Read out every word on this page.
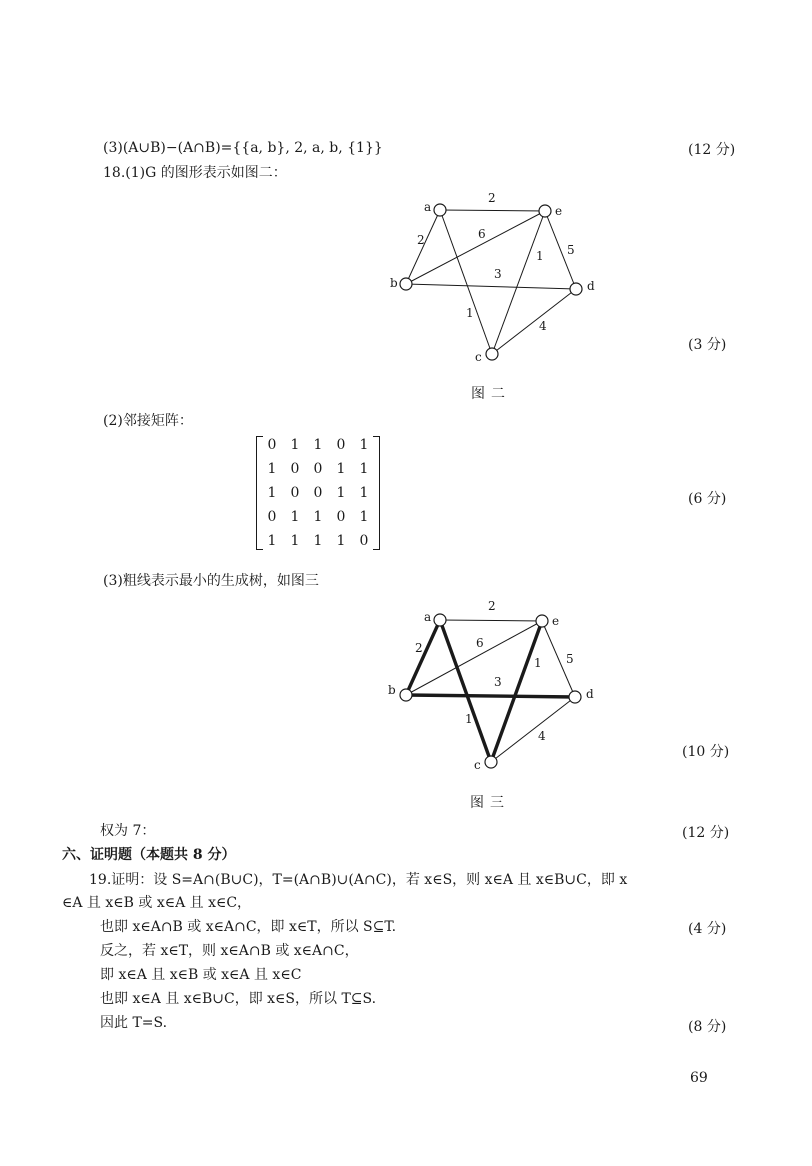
(3)(A∪B)−(A∩B)={{a, b}, 2, a, b, {1}}	(12 分)
18.(1)G 的图形表示如图二：
a	e
b	d
c
2
2	6
1 5
3
1
4
(3 分)
图二
(2)邻接矩阵：
0	1	1	0	1
1	0	0	1	1
1	0	0	1	1
0	1	1	0	1
1	1	1	1	0
(6 分)
(3)粗线表示最小的生成树，如图三
a	e
b	d
c
2
2	6
1 5
3
1
4
(10 分)
图三
权为 7：	(12 分)
六、证明题（本题共 8 分）
19.证明：设 S=A∩(B∪C)，T=(A∩B)∪(A∩C)，若 x∈S，则 x∈A 且 x∈B∪C，即 x
∈A 且 x∈B 或 x∈A 且 x∈C，
也即 x∈A∩B 或 x∈A∩C，即 x∈T，所以 S⊆T.	(4 分)
反之，若 x∈T，则 x∈A∩B 或 x∈A∩C，
即 x∈A 且 x∈B 或 x∈A 且 x∈C
也即 x∈A 且 x∈B∪C，即 x∈S，所以 T⊆S.
因此 T=S.	(8 分)
69
